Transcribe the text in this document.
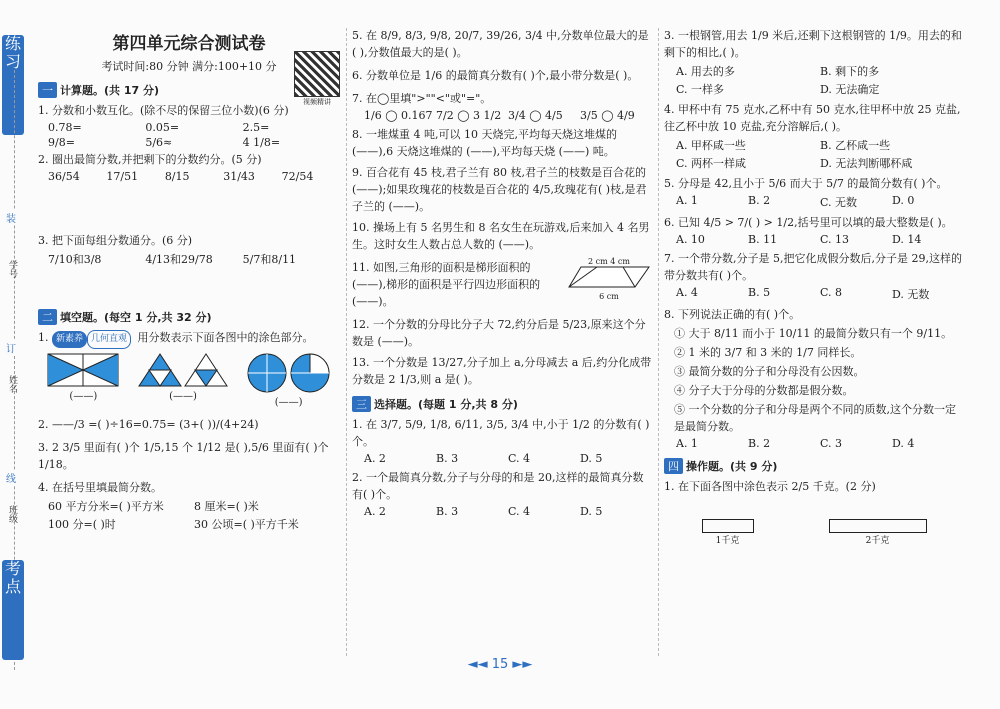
练 习
学号
姓名
班级
考 点
装
订
线
第四单元综合测试卷
考试时间:80 分钟 满分:100+10 分
视频精讲
一 计算题。(共 17 分)
1. 分数和小数互化。(除不尽的保留三位小数)(6 分)
0.78=	0.05=	2.5=
9/8=	5/6≈	4 1/8=
2. 圈出最简分数,并把剩下的分数约分。(5 分)
36/54	17/51	8/15	31/43	72/54
3. 把下面每组分数通分。(6 分)
7/10和3/8	4/13和29/78	5/7和8/11
二 填空题。(每空 1 分,共 32 分)
1. 新素养 几何直观 用分数表示下面各图中的涂色部分。
(——)	(——)
(——)
2. ——/3 =( )÷16=0.75= (3+( ))/(4+24)
3. 2 3/5 里面有( )个 1/5,15 个 1/12 是( ),5/6 里面有( )个 1/18。
4. 在括号里填最简分数。
60 平方分米=( )平方米	8 厘米=( )米
100 分=( )时	30 公顷=( )平方千米
5. 在 8/9, 8/3, 9/8, 20/7, 39/26, 3/4 中,分数单位最大的是( ),分数值最大的是( )。
6. 分数单位是 1/6 的最简真分数有( )个,最小带分数是( )。
7. 在◯里填">""<"或"="。
1/6 ◯ 0.167 7/2 ◯ 3 1/2 3/4 ◯ 4/5	3/5 ◯ 4/9
8. 一堆煤重 4 吨,可以 10 天烧完,平均每天烧这堆煤的 (——),6 天烧这堆煤的 (——),平均每天烧 (——) 吨。
9. 百合花有 45 枝,君子兰有 80 枝,君子兰的枝数是百合花的 (——);如果玫瑰花的枝数是百合花的 4/5,玫瑰花有( )枝,是君子兰的 (——)。
10. 操场上有 5 名男生和 8 名女生在玩游戏,后来加入 4 名男生。这时女生人数占总人数的 (——)。
11. 如图,三角形的面积是梯形面积的 (——),梯形的面积是平行四边形面积的 (——)。
2 cm 4 cm
6 cm
12. 一个分数的分母比分子大 72,约分后是 5/23,原来这个分数是 (——)。
13. 一个分数是 13/27,分子加上 a,分母减去 a 后,约分化成带分数是 2 1/3,则 a 是( )。
三 选择题。(每题 1 分,共 8 分)
1. 在 3/7, 5/9, 1/8, 6/11, 3/5, 3/4 中,小于 1/2 的分数有( )个。
A. 2	B. 3	C. 4	D. 5
2. 一个最简真分数,分子与分母的和是 20,这样的最简真分数有( )个。
A. 2	B. 3	C. 4	D. 5
3. 一根钢管,用去 1/9 米后,还剩下这根钢管的 1/9。用去的和剩下的相比,( )。
A. 用去的多	B. 剩下的多
C. 一样多	D. 无法确定
4. 甲杯中有 75 克水,乙杯中有 50 克水,往甲杯中放 25 克盐,往乙杯中放 10 克盐,充分溶解后,( )。
A. 甲杯咸一些	B. 乙杯咸一些
C. 两杯一样咸	D. 无法判断哪杯咸
5. 分母是 42,且小于 5/6 而大于 5/7 的最简分数有( )个。
A. 1	B. 2	C. 无数	D. 0
6. 已知 4/5 > 7/( ) > 1/2,括号里可以填的最大整数是( )。
A. 10	B. 11	C. 13	D. 14
7. 一个带分数,分子是 5,把它化成假分数后,分子是 29,这样的带分数共有( )个。
A. 4	B. 5	C. 8	D. 无数
8. 下列说法正确的有( )个。
① 大于 8/11 而小于 10/11 的最简分数只有一个 9/11。
② 1 米的 3/7 和 3 米的 1/7 同样长。
③ 最简分数的分子和分母没有公因数。
④ 分子大于分母的分数都是假分数。
⑤ 一个分数的分子和分母是两个不同的质数,这个分数一定是最简分数。
A. 1	B. 2	C. 3	D. 4
四 操作题。(共 9 分)
1. 在下面各图中涂色表示 2/5 千克。(2 分)
1千克	2千克
◄◄ 15 ►►
